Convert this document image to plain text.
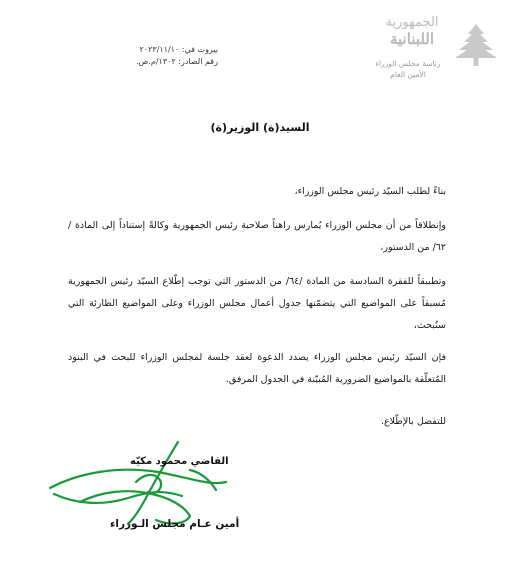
الجمهورية
اللبنانية
رئاسة مجلس الوزراء
الأمين العام
بيروت في: ٢٠٢٣/١١/١٠
رقم الصادر: ١٣٠٢/م.ص.
السيد(ة) الوزير(ة)

بناءً لطلب السيّد رئيس مجلس الوزراء،

وإنطلاقاً من أن مجلس الوزراء يُمارس راهناً صلاحية رئيس الجمهورية وكالةً إستناداً إلى المادة /٦٢/ من الدستور،

وتطبيقاً للفقرة السادسة من المادة /٦٤/ من الدستور التي توجب إطّلاع السيّد رئيس الجمهورية مُسبقاً على المواضيع التي يتضمّنها جدول أعمال مجلس الوزراء وعلى المواضيع الطارئة التي ستُبحث،

فإن السيّد رئيس مجلس الوزراء يصدد الدعوة لعقد جلسة لمجلس الوزراء للبحث في البنود المُتعلّقة بالمواضيع الضرورية المُبيّنة في الجدول المرفق.

للتفضل بالإطّلاع.

القاضي محمود مكيّه
أمين عـام مجلس الـوزراء
